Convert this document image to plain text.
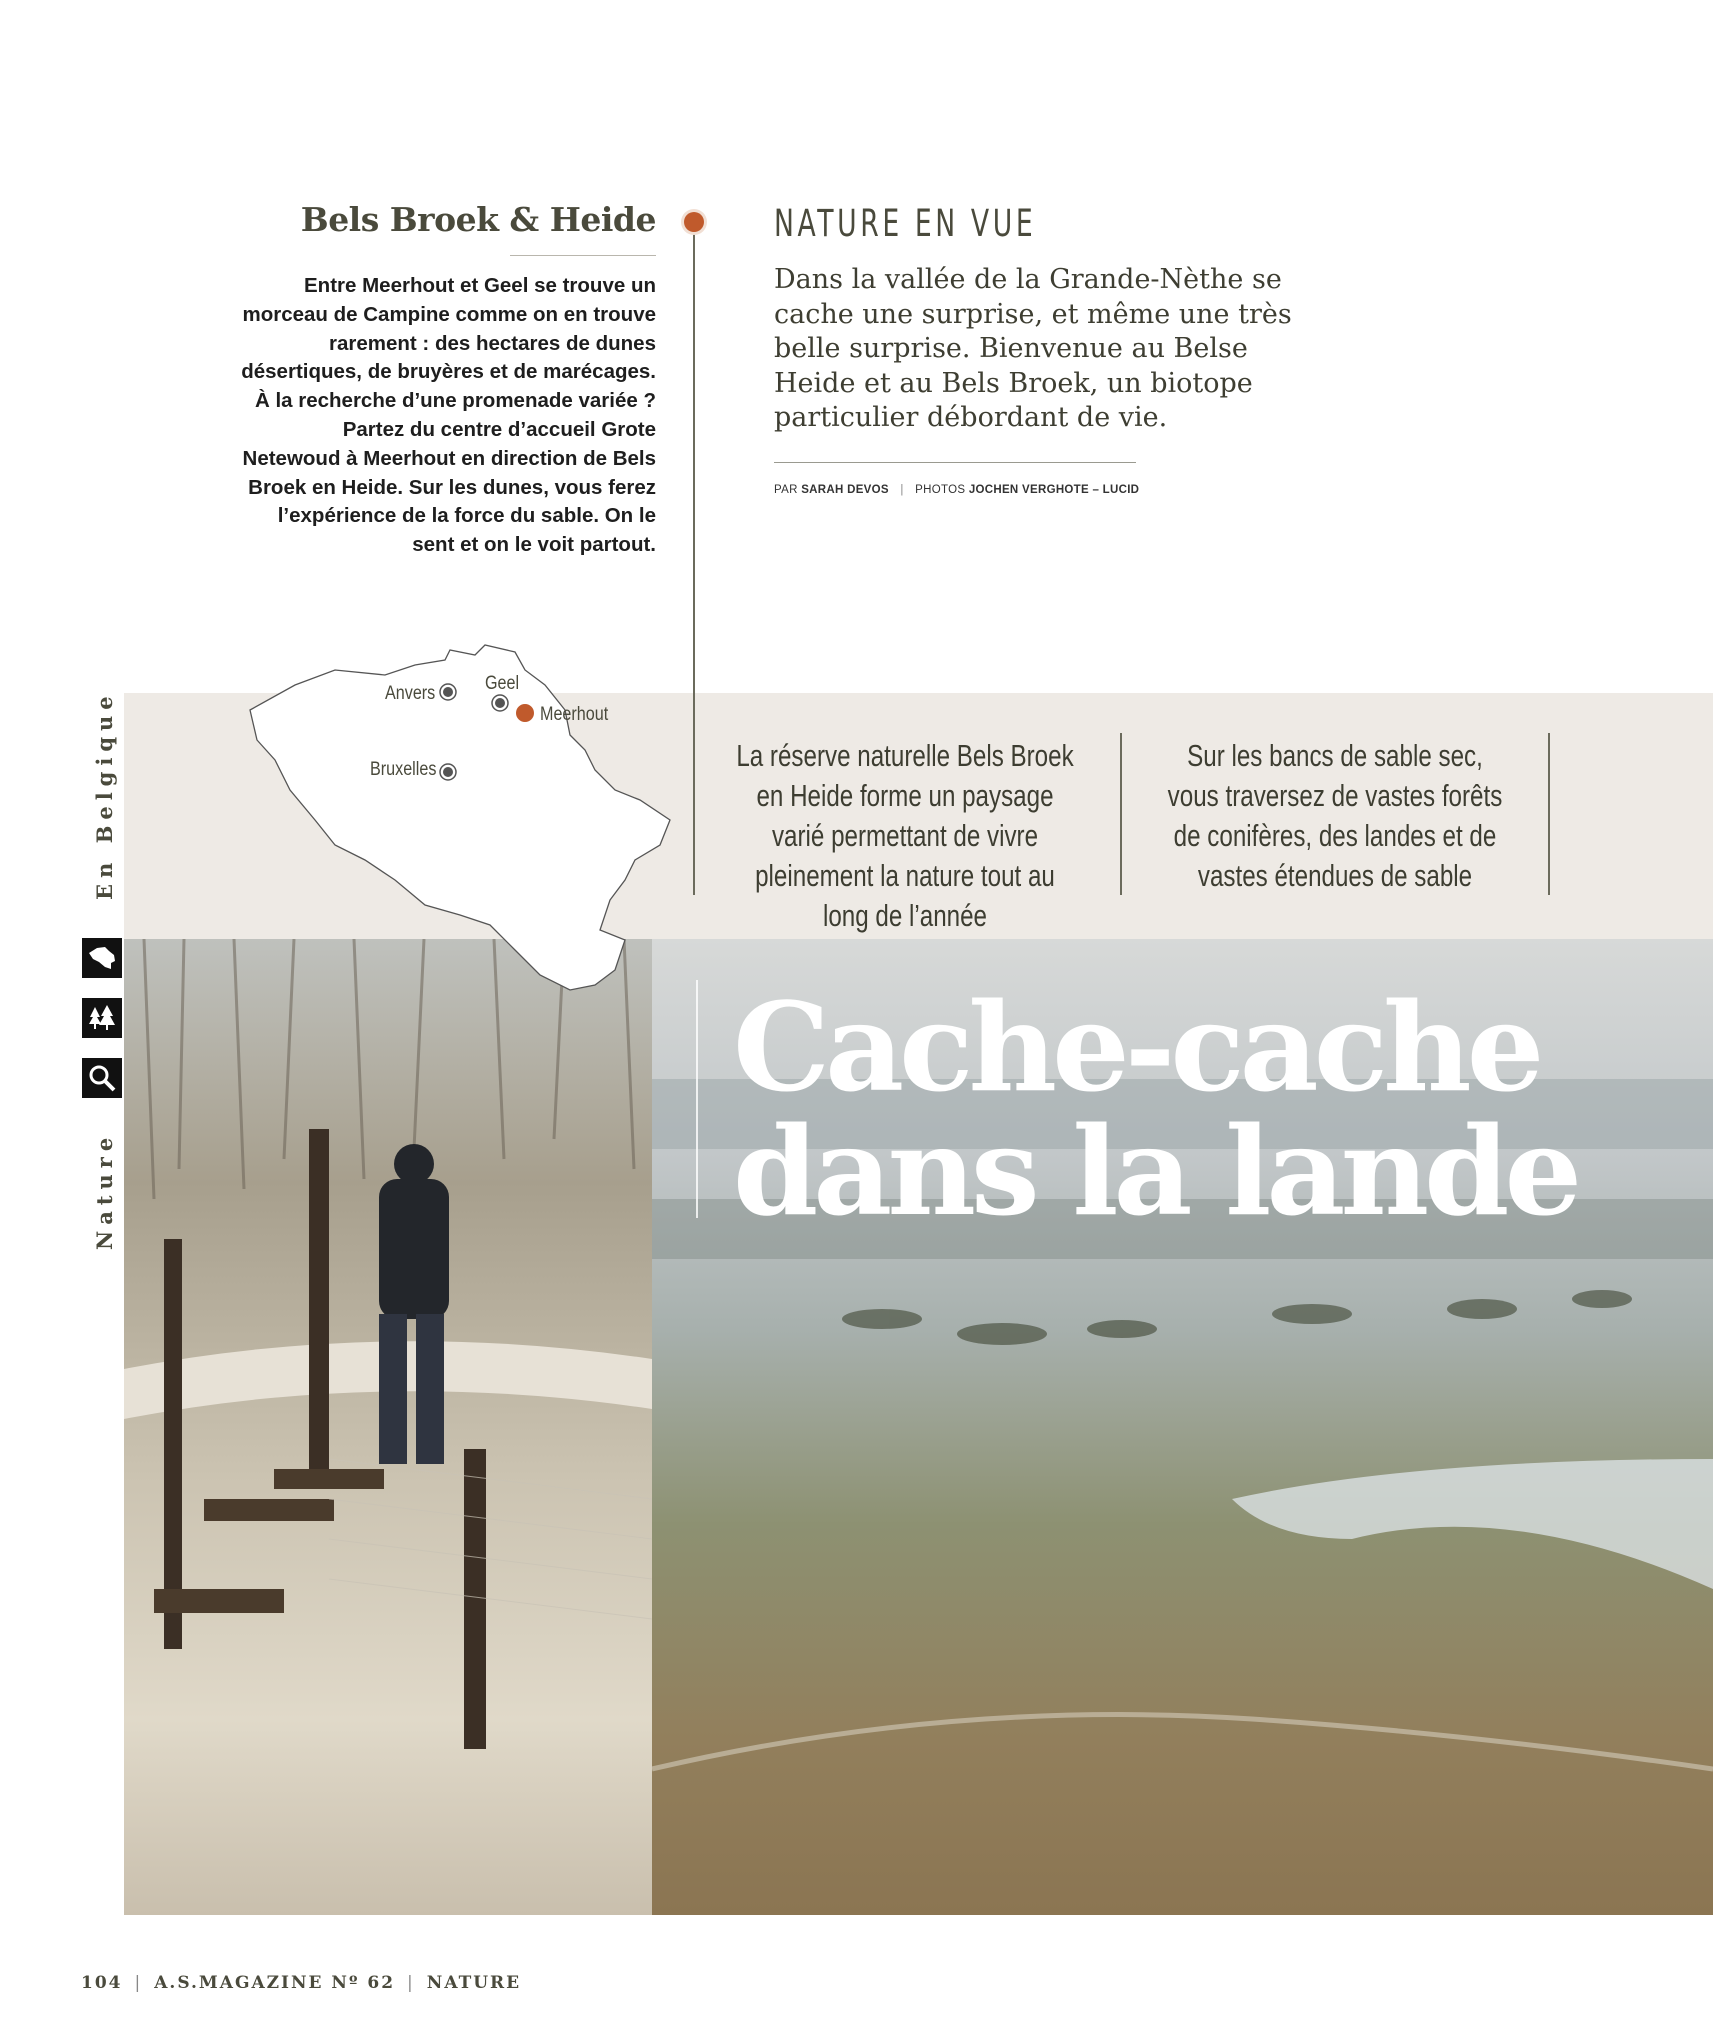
Bels Broek & Heide
Entre Meerhout et Geel se trouve un morceau de Campine comme on en trouve rarement : des hectares de dunes désertiques, de bruyères et de marécages. À la recherche d’une promenade variée ? Partez du centre d’accueil Grote Netewoud à Meerhout en direction de Bels Broek en Heide. Sur les dunes, vous ferez l’expérience de la force du sable. On le sent et on le voit partout.
Cache-cache
dans la lande
Anvers	Geel
Meerhout
Bruxelles
NATURE EN VUE
Dans la vallée de la Grande-Nèthe se cache une surprise, et même une très belle surprise. Bienvenue au Belse Heide et au Bels Broek, un biotope particulier débordant de vie.
PAR SARAH DEVOS | PHOTOS JOCHEN VERGHOTE – LUCID
La réserve naturelle Bels Broek en Heide forme un paysage varié permettant de vivre pleinement la nature tout au long de l’année
Sur les bancs de sable sec, vous traversez de vastes forêts de conifères, des landes et de vastes étendues de sable
En Belgique
Nature
104 | A.S.MAGAZINE Nº 62 | NATURE
